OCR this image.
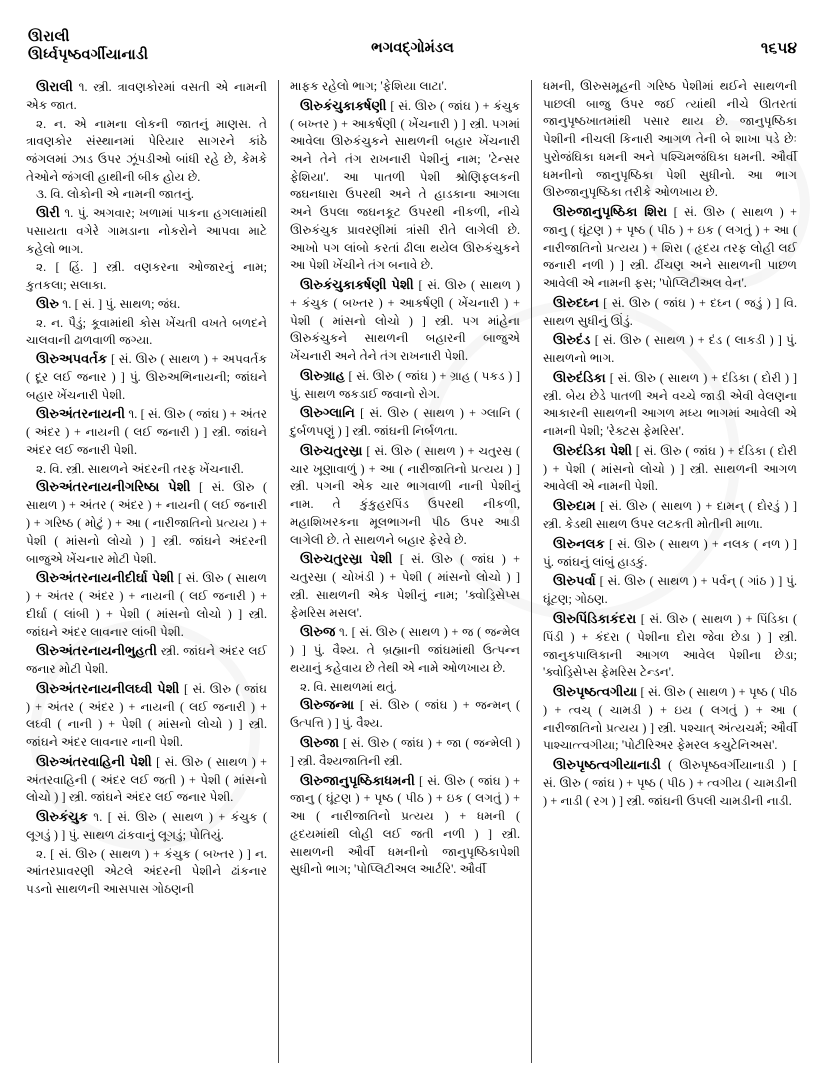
ઊરાલી
ઊર્ધ્વપૃષ્ઠવર્ગીયાનાડી	ભગવદ્ગોમંડલ	૧૬૫૪

ઊરાલી ૧. સ્ત્રી. ત્રાવણકોરમાં વસતી એ નામની એક જાત.

૨. ન. એ નામના લોકની જાતનું માણસ. તે ત્રાવણકોર સંસ્થાનમાં પેરિયાર સાગરને કાંઠે જંગલમાં ઝાડ ઉપર ઝૂંપડીઓ બાંધી રહે છે, કેમકે તેઓને જંગલી હાથીની બીક હોય છે.

૩. વિ. લોકોની એ નામની જાતનું.

ઊરી ૧. પું. અગવાર; ખળામાં પાકના હગલામાંથી પસાયતા વગેરે ગામડાના નોકરોને આપવા માટે કહેલો ભાગ.

૨. [ હિં. ] સ્ત્રી. વણકરના ઓજારનું નામ; કુતકલા; સલાકા.

ઊરુ ૧. [ સં. ] પું. સાથળ; જંઘ.

૨. ન. પૈડું; કૂવામાંથી કોસ ખેંચતી વખતે બળદને ચાલવાની ઢાળવાળી જગ્યા.

ઊરુઅપવર્તક [ સં. ઊરુ ( સાથળ ) + અપવર્તક ( દૂર લઈ જનાર ) ] પું. ઊરુઅભિનાયની; જાંઘને બહાર ખેંચનારી પેશી.

ઊરુઅંતરનાયની ૧. [ સં. ઊરુ ( જાંઘ ) + અંતર ( અંદર ) + નાયની ( લઈ જનારી ) ] સ્ત્રી. જાંઘને અંદર લઈ જનારી પેશી.

૨. વિ. સ્ત્રી. સાથળને અંદરની તરફ ખેંચનારી.

ઊરુઅંતરનાયનીગરિષ્ઠા પેશી [ સં. ઊરુ ( સાથળ ) + અંતર ( અંદર ) + નાયની ( લઈ જનારી ) + ગરિષ્ઠ ( મોટું ) + આ ( નારીજાતિનો પ્રત્યય ) + પેશી ( માંસનો લોચો ) ] સ્ત્રી. જાંઘને અંદરની બાજુએ ખેંચનાર મોટી પેશી.

ઊરુઅંતરનાયનીદીર્ઘા પેશી [ સં. ઊરુ ( સાથળ ) + અંતર ( અંદર ) + નાયની ( લઈ જનારી ) + દીર્ઘા ( લાંબી ) + પેશી ( માંસનો લોચો ) ] સ્ત્રી. જાંઘને અંદર લાવનાર લાંબી પેશી.

ઊરુઅંતરનાયનીભુહતી સ્ત્રી. જાંઘને અંદર લઈ જનાર મોટી પેશી.

ઊરુઅંતરનાયનીલઘ્વી પેશી [ સં. ઊરુ ( જાંઘ ) + અંતર ( અંદર ) + નાયની ( લઈ જનારી ) + લઘ્વી ( નાની ) + પેશી ( માંસનો લોચો ) ] સ્ત્રી. જાંઘને અંદર લાવનાર નાની પેશી.

ઊરુઅંતરવાહિની પેશી [ સં. ઊરુ ( સાથળ ) + અંતરવાહિની ( અંદર લઈ જતી ) + પેશી ( માંસનો લોચો ) ] સ્ત્રી. જાંઘને અંદર લઈ જનાર પેશી.

ઊરુકંચુક ૧. [ સં. ઊરુ ( સાથળ ) + કંચુક ( લૂગડું ) ] પું. સાથળ ઢાંકવાનું લૂગડું; પોતિયું.

૨. [ સં. ઊરુ ( સાથળ ) + કંચુક ( બખ્તર ) ] ન. આંતરપ્રાવરણી એટલે અંદરની પેશીને ઢાંકનાર પડનો સાથળની આસપાસ ગોઠણની

માફક રહેલો ભાગ; 'ફેશિયા લાટા'.

ઊરુકંચુકાકર્ષણી [ સં. ઊરુ ( જાંઘ ) + કંચુક ( બખ્તર ) + આકર્ષણી ( ખેંચનારી ) ] સ્ત્રી. પગમાં આવેલા ઊરુકંચુકને સાથળની બહાર ખેંચનારી અને તેને તંગ રાખનારી પેશીનું નામ; 'ટેન્સર ફેશિયા'. આ પાતળી પેશી શ્રોણિફલકની જઘનધારા ઉપરથી અને તે હાડકાના આગલા અને ઉપલા જઘનકૂટ ઉપરથી નીકળી, નીચે ઊરુકંચુક પ્રાવરણીમાં ત્રાંસી રીતે લાગેલી છે. આખો પગ લાંબો કરતાં ઢીલા થયેલ ઊરુકંચુકને આ પેશી ખેંચીને તંગ બનાવે છે.

ઊરુકંચુકાકર્ષણી પેશી [ સં. ઊરુ ( સાથળ ) + કંચુક ( બખ્તર ) + આકર્ષણી ( ખેંચનારી ) + પેશી ( માંસનો લોચો ) ] સ્ત્રી. પગ માંહેના ઊરુકંચુકને સાથળની બહારની બાજુએ ખેંચનારી અને તેને તંગ રાખનારી પેશી.

ઊરુગ્રાહ [ સં. ઊરુ ( જાંઘ ) + ગ્રાહ ( પકડ ) ] પું. સાથળ જકડાઈ જવાનો રોગ.

ઊરુગ્લાનિ [ સં. ઊરુ ( સાથળ ) + ગ્લાનિ ( દુર્બળપણું ) ] સ્ત્રી. જાંઘની નિર્બળતા.

ઊરુચતુરસ્રા [ સં. ઊરુ ( સાથળ ) + ચતુરસ્ર ( ચાર ખૂણાવાળું ) + આ ( નારીજાતિનો પ્રત્યય ) ] સ્ત્રી. પગની એક ચાર ભાગવાળી નાની પેશીનું નામ. તે કુંકુહરપિંડ ઉપરથી નીકળી, મહાશિખરકના મૂલભાગની પીઠ ઉપર આડી લાગેલી છે. તે સાથળને બહાર ફેરવે છે.

ઊરુચતુરસ્રા પેશી [ સં. ઊરુ ( જાંઘ ) + ચતુરસ્રા ( ચોખંડી ) + પેશી ( માંસનો લોચો ) ] સ્ત્રી. સાથળની એક પેશીનું નામ; 'ક્વોડ્રિસેપ્સ ફેમરિસ મસલ'.

ઊરુજ ૧. [ સં. ઊરુ ( સાથળ ) + જ ( જન્મેલ ) ] પું. વૈશ્ય. તે બ્રહ્માની જાંઘમાંથી ઉત્પન્ન થયાનું કહેવાય છે તેથી એ નામે ઓળખાય છે.

૨. વિ. સાથળમાં થતું.

ઊરુજન્મા [ સં. ઊરુ ( જાંઘ ) + જન્મન્ ( ઉત્પત્તિ ) ] પું. વૈશ્ય.

ઊરુજા [ સં. ઊરુ ( જાંઘ ) + જા ( જન્મેલી ) ] સ્ત્રી. વૈશ્યજાતિની સ્ત્રી.

ઊરુજાનુપૃષ્ઠિકાધમની [ સં. ઊરુ ( જાંઘ ) + જાનુ ( ઘૂંટણ ) + પૃષ્ઠ ( પીઠ ) + ઇક ( લગતું ) + આ ( નારીજાતિનો પ્રત્યય ) + ધમની ( હૃદયમાંથી લોહી લઈ જતી નળી ) ] સ્ત્રી. સાથળની ઔર્વી ધમનીનો જાનુપૃષ્ઠિકાપેશી સુધીનો ભાગ; 'પોપ્લિટીઅલ આર્ટરિ'. ઔર્વી

ધમની, ઊરુસમૂહની ગરિષ્ઠ પેશીમાં થઈને સાથળની પાછલી બાજુ ઉપર જઈ ત્યાંથી નીચે ઊતરતાં જાનુપૃષ્ઠખાતમાંથી પસાર થાય છે. જાનુપૃષ્ઠિકા પેશીની નીચલી કિનારી આગળ તેની બે શાખા પડે છેઃ પુરોજંઘિકા ધમની અને પશ્ચિમજંઘિકા ધમની. ઔર્વી ધમનીનો જાનુપૃષ્ઠિકા પેશી સુધીનો. આ ભાગ ઊરુજાનુપૃષ્ઠિકા તરીકે ઓળખાય છે.

ઊરુજાનુપૃષ્ઠિકા શિરા [ સં. ઊરુ ( સાથળ ) + જાનુ ( ઘૂંટણ ) + પૃષ્ઠ ( પીઠ ) + ઇક ( લગતું ) + આ ( નારીજાતિનો પ્રત્યય ) + શિરા ( હૃદય તરફ લોહી લઈ જનારી નળી ) ] સ્ત્રી. ઢીંચણ અને સાથળની પાછળ આવેલી એ નામની ફસ; 'પોપ્લિટીઅલ વેન'.

ઊરુદઘ્ન [ સં. ઊરુ ( જાંઘ ) + દઘ્ન ( જડું ) ] વિ. સાથળ સુધીનું ઊંડું.

ઊરુદંડ [ સં. ઊરુ ( સાથળ ) + દંડ ( લાકડી ) ] પું. સાથળનો ભાગ.

ઊરુદંડિકા [ સં. ઊરુ ( સાથળ ) + દંડિકા ( દોરી ) ] સ્ત્રી. બેય છેડે પાતળી અને વચ્ચે જાડી એવી વેલણના આકારની સાથળની આગળ મધ્ય ભાગમાં આવેલી એ નામની પેશી; 'રેક્ટસ ફેમરિસ'.

ઊરુદંડિકા પેશી [ સં. ઊરુ ( જાંઘ ) + દંડિકા ( દોરી ) + પેશી ( માંસનો લોચો ) ] સ્ત્રી. સાથળની આગળ આવેલી એ નામની પેશી.

ઊરુદામ [ સં. ઊરુ ( સાથળ ) + દામન્ ( દોરડું ) ] સ્ત્રી. કેડથી સાથળ ઉપર લટકતી મોતીની માળા.

ઊરુનલક [ સં. ઊરુ ( સાથળ ) + નલક ( નળ ) ] પું. જાંઘનું લાંબું હાડકું.

ઊરુપર્વા [ સં. ઊરુ ( સાથળ ) + પર્વન્ ( ગાંઠ ) ] પું. ઘૂંટણ; ગોઠણ.

ઊરુપિંડિકાકંદરા [ સં. ઊરુ ( સાથળ ) + પિંડિકા ( પિંડી ) + કંદરા ( પેશીના દોરા જેવા છેડા ) ] સ્ત્રી. જાનુકપાલિકાની આગળ આવેલ પેશીના છેડા; 'ક્વોડ્રિસેપ્સ ફેમરિસ ટેન્ડન'.

ઊરુપૃષ્ઠત્વગીયા [ સં. ઊરુ ( સાથળ ) + પૃષ્ઠ ( પીઠ ) + ત્વચ્ ( ચામડી ) + ઇય ( લગતું ) + આ ( નારીજાતિનો પ્રત્યય ) ] સ્ત્રી. પશ્ચાત્ અંત્યચર્મ; ઔર્વી પાશ્ચાત્ત્વગીયા; 'પોટીરિઅર ફેમરલ કચુટેનિઅસ'.

ઊરુપૃષ્ઠત્વગીયાનાડી ( ઊરુપૃષ્ઠવર્ગીયાનાડી ) [ સં. ઊરુ ( જાંઘ ) + પૃષ્ઠ ( પીઠ ) + ત્વગીય ( ચામડીની ) + નાડી ( રગ ) ] સ્ત્રી. જાંઘની ઉપલી ચામડીની નાડી.
